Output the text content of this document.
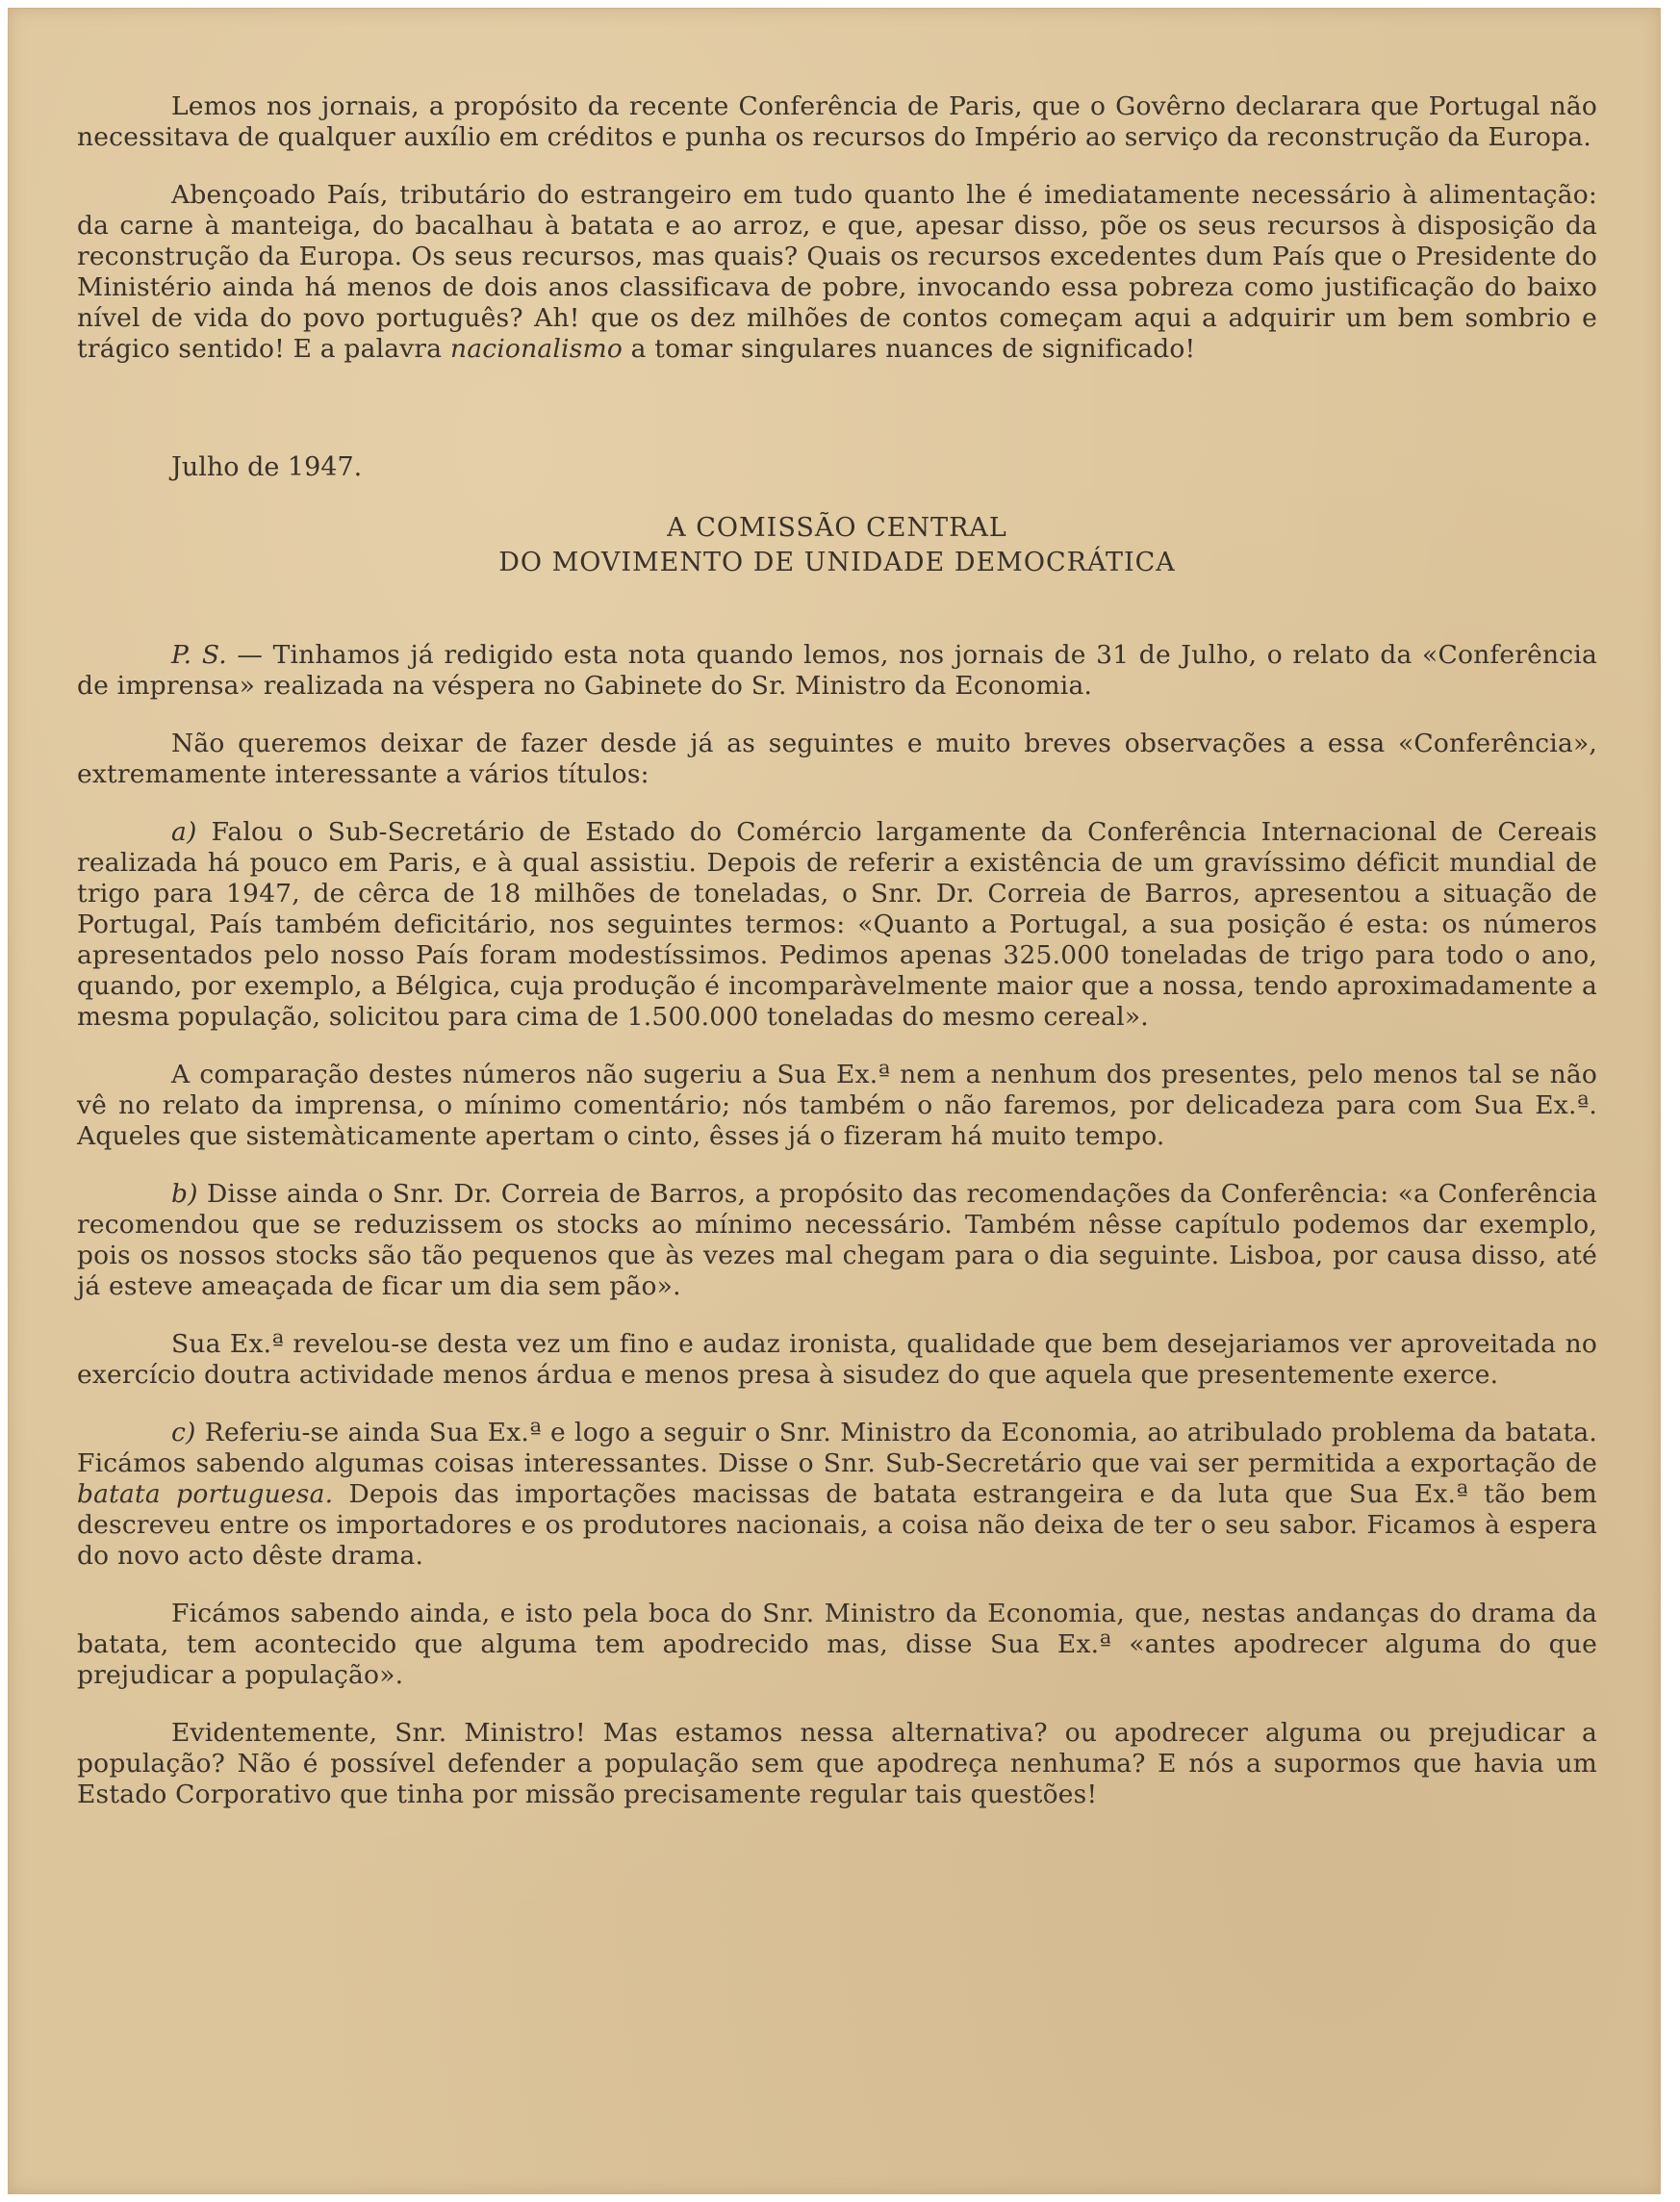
Lemos nos jornais, a propósito da recente Conferência de Paris, que o Govêrno declarara que Portugal não necessitava de qualquer auxílio em créditos e punha os recursos do Império ao serviço da reconstrução da Europa.

Abençoado País, tributário do estrangeiro em tudo quanto lhe é imediatamente necessário à alimentação: da carne à manteiga, do bacalhau à batata e ao arroz, e que, apesar disso, põe os seus recursos à disposição da reconstrução da Europa. Os seus recursos, mas quais? Quais os recursos excedentes dum País que o Presidente do Ministério ainda há menos de dois anos classificava de pobre, invocando essa pobreza como justificação do baixo nível de vida do povo português? Ah! que os dez milhões de contos começam aqui a adquirir um bem sombrio e trágico sentido! E a palavra nacionalismo a tomar singulares nuances de significado!

Julho de 1947.
A COMISSÃO CENTRAL
DO MOVIMENTO DE UNIDADE DEMOCRÁTICA

P. S. — Tinhamos já redigido esta nota quando lemos, nos jornais de 31 de Julho, o relato da «Conferência de imprensa» realizada na véspera no Gabinete do Sr. Ministro da Economia.

Não queremos deixar de fazer desde já as seguintes e muito breves observações a essa «Conferência», extremamente interessante a vários títulos:

a) Falou o Sub-Secretário de Estado do Comércio largamente da Conferência Internacional de Cereais realizada há pouco em Paris, e à qual assistiu. Depois de referir a existência de um gravíssimo déficit mundial de trigo para 1947, de cêrca de 18 milhões de toneladas, o Snr. Dr. Correia de Barros, apresentou a situação de Portugal, País também deficitário, nos seguintes termos: «Quanto a Portugal, a sua posição é esta: os números apresentados pelo nosso País foram modestíssimos. Pedimos apenas 325.000 toneladas de trigo para todo o ano, quando, por exemplo, a Bélgica, cuja produção é incomparàvelmente maior que a nossa, tendo aproximadamente a mesma população, solicitou para cima de 1.500.000 toneladas do mesmo cereal».

A comparação destes números não sugeriu a Sua Ex.ª nem a nenhum dos presentes, pelo menos tal se não vê no relato da imprensa, o mínimo comentário; nós também o não faremos, por delicadeza para com Sua Ex.ª. Aqueles que sistemàticamente apertam o cinto, êsses já o fizeram há muito tempo.

b) Disse ainda o Snr. Dr. Correia de Barros, a propósito das recomendações da Conferência: «a Conferência recomendou que se reduzissem os stocks ao mínimo necessário. Também nêsse capítulo podemos dar exemplo, pois os nossos stocks são tão pequenos que às vezes mal chegam para o dia seguinte. Lisboa, por causa disso, até já esteve ameaçada de ficar um dia sem pão».

Sua Ex.ª revelou-se desta vez um fino e audaz ironista, qualidade que bem desejariamos ver aproveitada no exercício doutra actividade menos árdua e menos presa à sisudez do que aquela que presentemente exerce.

c) Referiu-se ainda Sua Ex.ª e logo a seguir o Snr. Ministro da Economia, ao atribulado problema da batata. Ficámos sabendo algumas coisas interessantes. Disse o Snr. Sub-Secretário que vai ser permitida a exportação de batata portuguesa. Depois das importações macissas de batata estrangeira e da luta que Sua Ex.ª tão bem descreveu entre os importadores e os produtores nacionais, a coisa não deixa de ter o seu sabor. Ficamos à espera do novo acto dêste drama.

Ficámos sabendo ainda, e isto pela boca do Snr. Ministro da Economia, que, nestas andanças do drama da batata, tem acontecido que alguma tem apodrecido mas, disse Sua Ex.ª «antes apodrecer alguma do que prejudicar a população».

Evidentemente, Snr. Ministro! Mas estamos nessa alternativa? ou apodrecer alguma ou prejudicar a população? Não é possível defender a população sem que apodreça nenhuma? E nós a supormos que havia um Estado Corporativo que tinha por missão precisamente regular tais questões!
